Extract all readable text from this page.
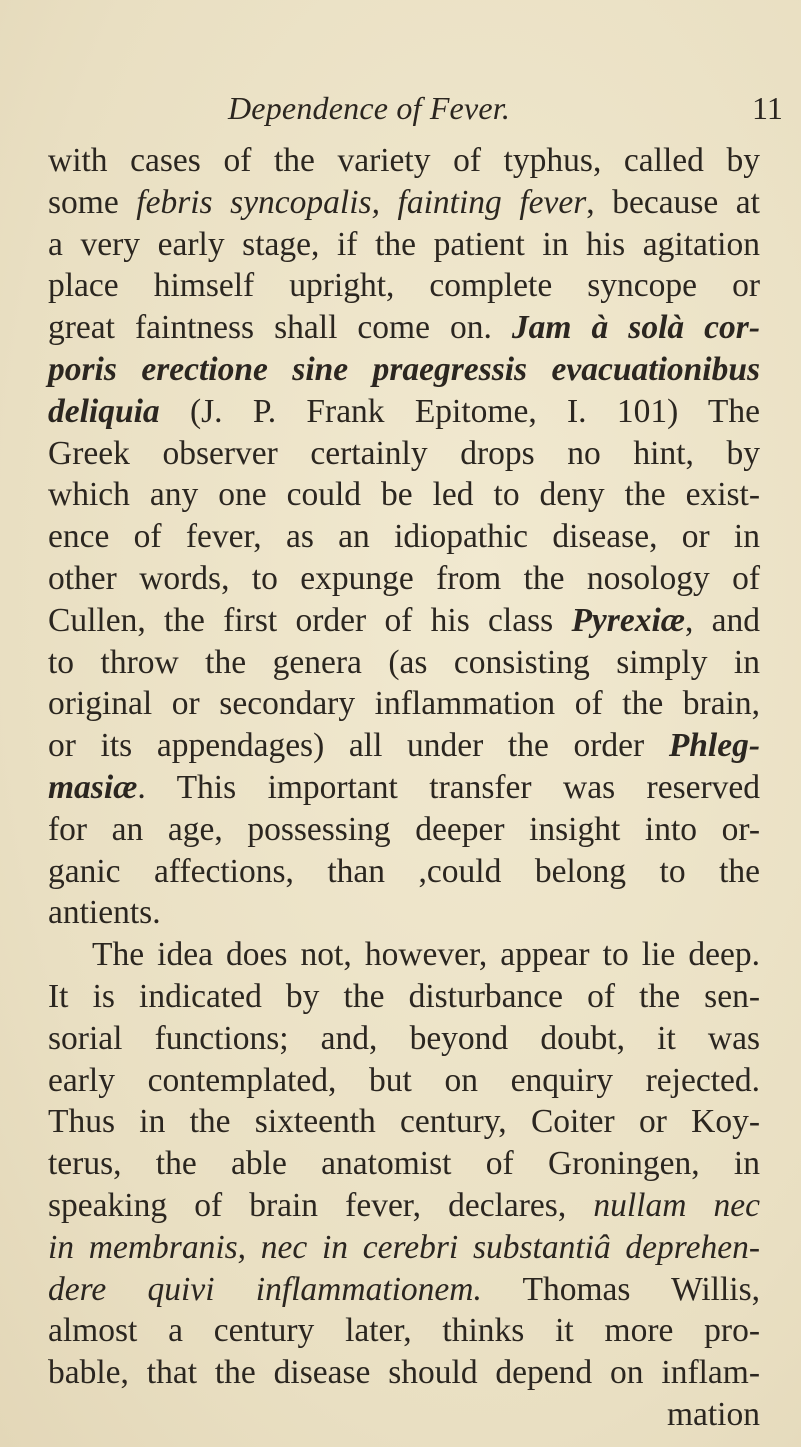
Dependence of Fever.	11
with cases of the variety of typhus, called by
some febris syncopalis, fainting fever, because at
a very early stage, if the patient in his agitation
place himself upright, complete syncope or
great faintness shall come on. Jam à solà cor-
poris erectione sine praegressis evacuationibus
deliquia (J. P. Frank Epitome, I. 101) The
Greek observer certainly drops no hint, by
which any one could be led to deny the exist-
ence of fever, as an idiopathic disease, or in
other words, to expunge from the nosology of
Cullen, the first order of his class Pyrexiæ, and
to throw the genera (as consisting simply in
original or secondary inflammation of the brain,
or its appendages) all under the order Phleg-
masiæ. This important transfer was reserved
for an age, possessing deeper insight into or-
ganic affections, than ,could belong to the
antients.
The idea does not, however, appear to lie deep.
It is indicated by the disturbance of the sen-
sorial functions; and, beyond doubt, it was
early contemplated, but on enquiry rejected.
Thus in the sixteenth century, Coiter or Koy-
terus, the able anatomist of Groningen, in
speaking of brain fever, declares, nullam nec
in membranis, nec in cerebri substantiâ deprehen-
dere quivi inflammationem. Thomas Willis,
almost a century later, thinks it more pro-
bable, that the disease should depend on inflam-
mation
